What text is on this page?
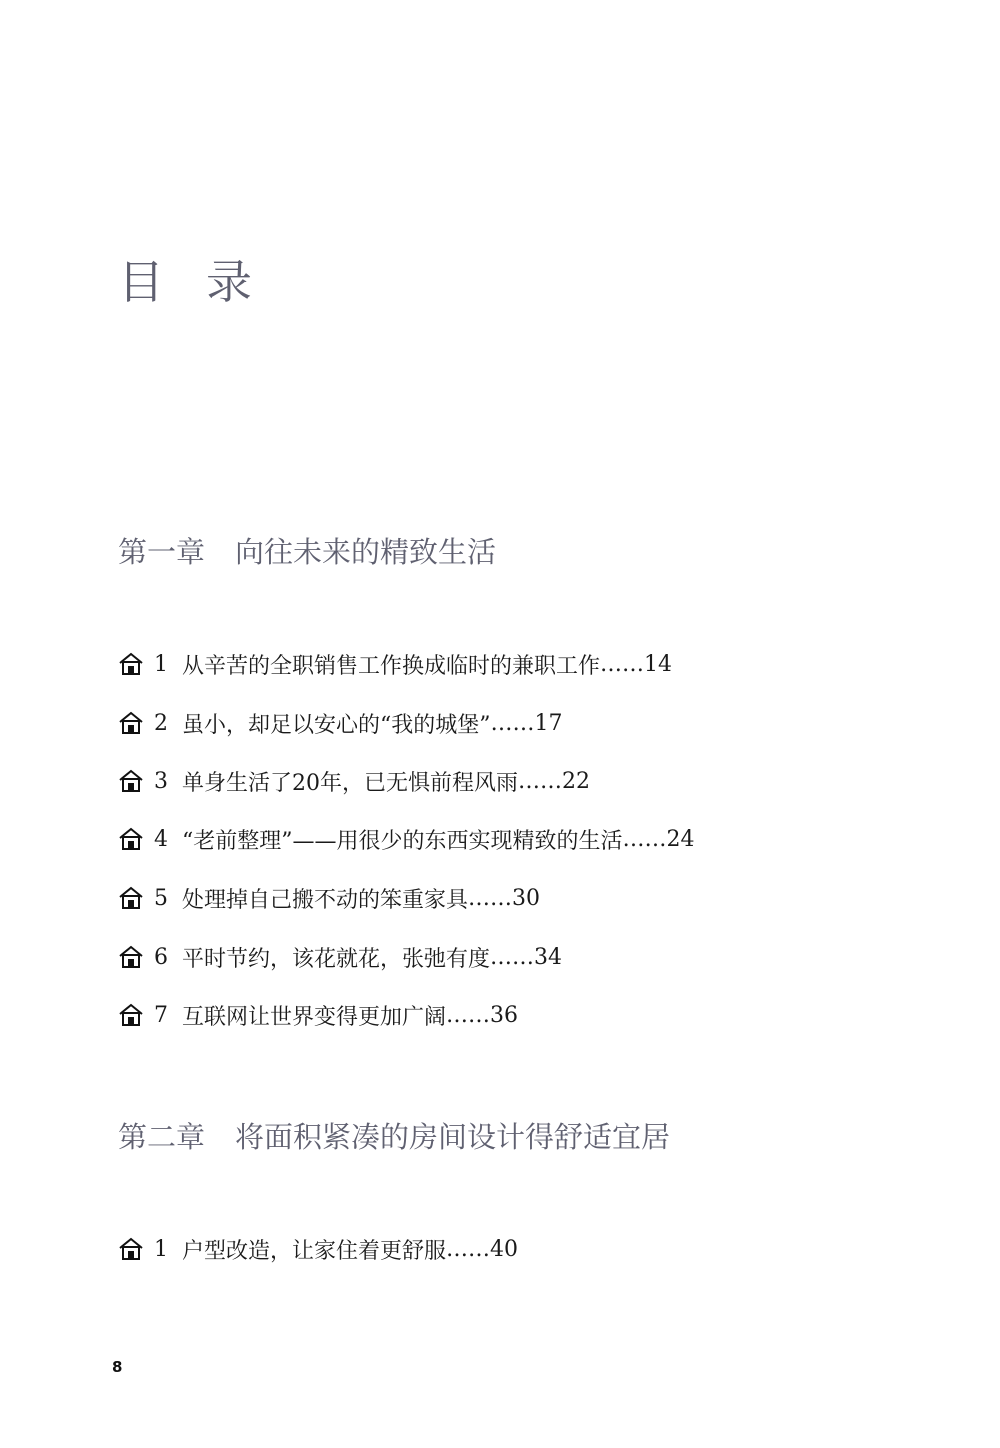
目 录
第一章 向往未来的精致生活
1 从辛苦的全职销售工作换成临时的兼职工作 ……14
2 虽小，却足以安心的“我的城堡” ……17
3 单身生活了20年，已无惧前程风雨 ……22
4 “老前整理”——用很少的东西实现精致的生活 ……24
5 处理掉自己搬不动的笨重家具 ……30
6 平时节约，该花就花，张弛有度 ……34
7 互联网让世界变得更加广阔 ……36
第二章 将面积紧凑的房间设计得舒适宜居
1 户型改造，让家住着更舒服 ……40
8
